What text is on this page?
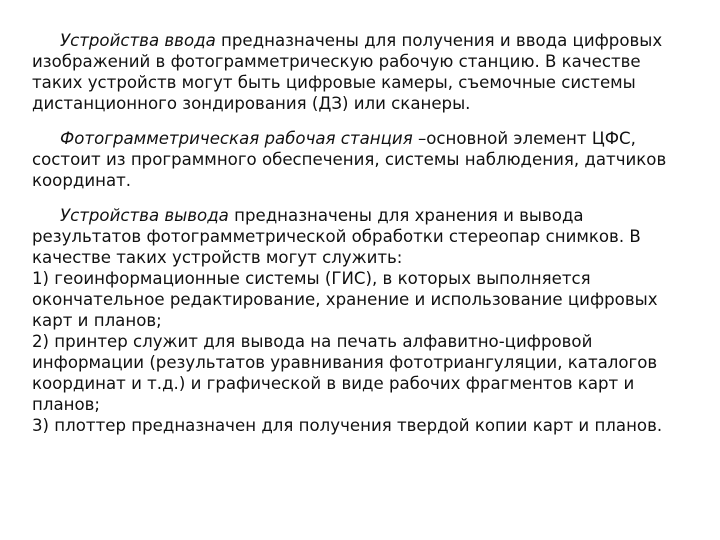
Устройства ввода предназначены для получения и ввода цифровых изображений в фотограмметрическую рабочую станцию. В качестве таких устройств могут быть цифровые камеры, съемочные системы дистанционного зондирования (ДЗ) или сканеры.

Фотограмметрическая рабочая станция –основной элемент ЦФС, состоит из программного обеспечения, системы наблюдения, датчиков координат.

Устройства вывода предназначены для хранения и вывода результатов фотограмметрической обработки стереопар снимков. В качестве таких устройств могут служить:

1) геоинформационные системы (ГИС), в которых выполняется окончательное редактирование, хранение и использование цифровых карт и планов;

2) принтер служит для вывода на печать алфавитно-цифровой информации (результатов уравнивания фототриангуляции, каталогов координат и т.д.) и графической в виде рабочих фрагментов карт и планов;

3) плоттер предназначен для получения твердой копии карт и планов.
